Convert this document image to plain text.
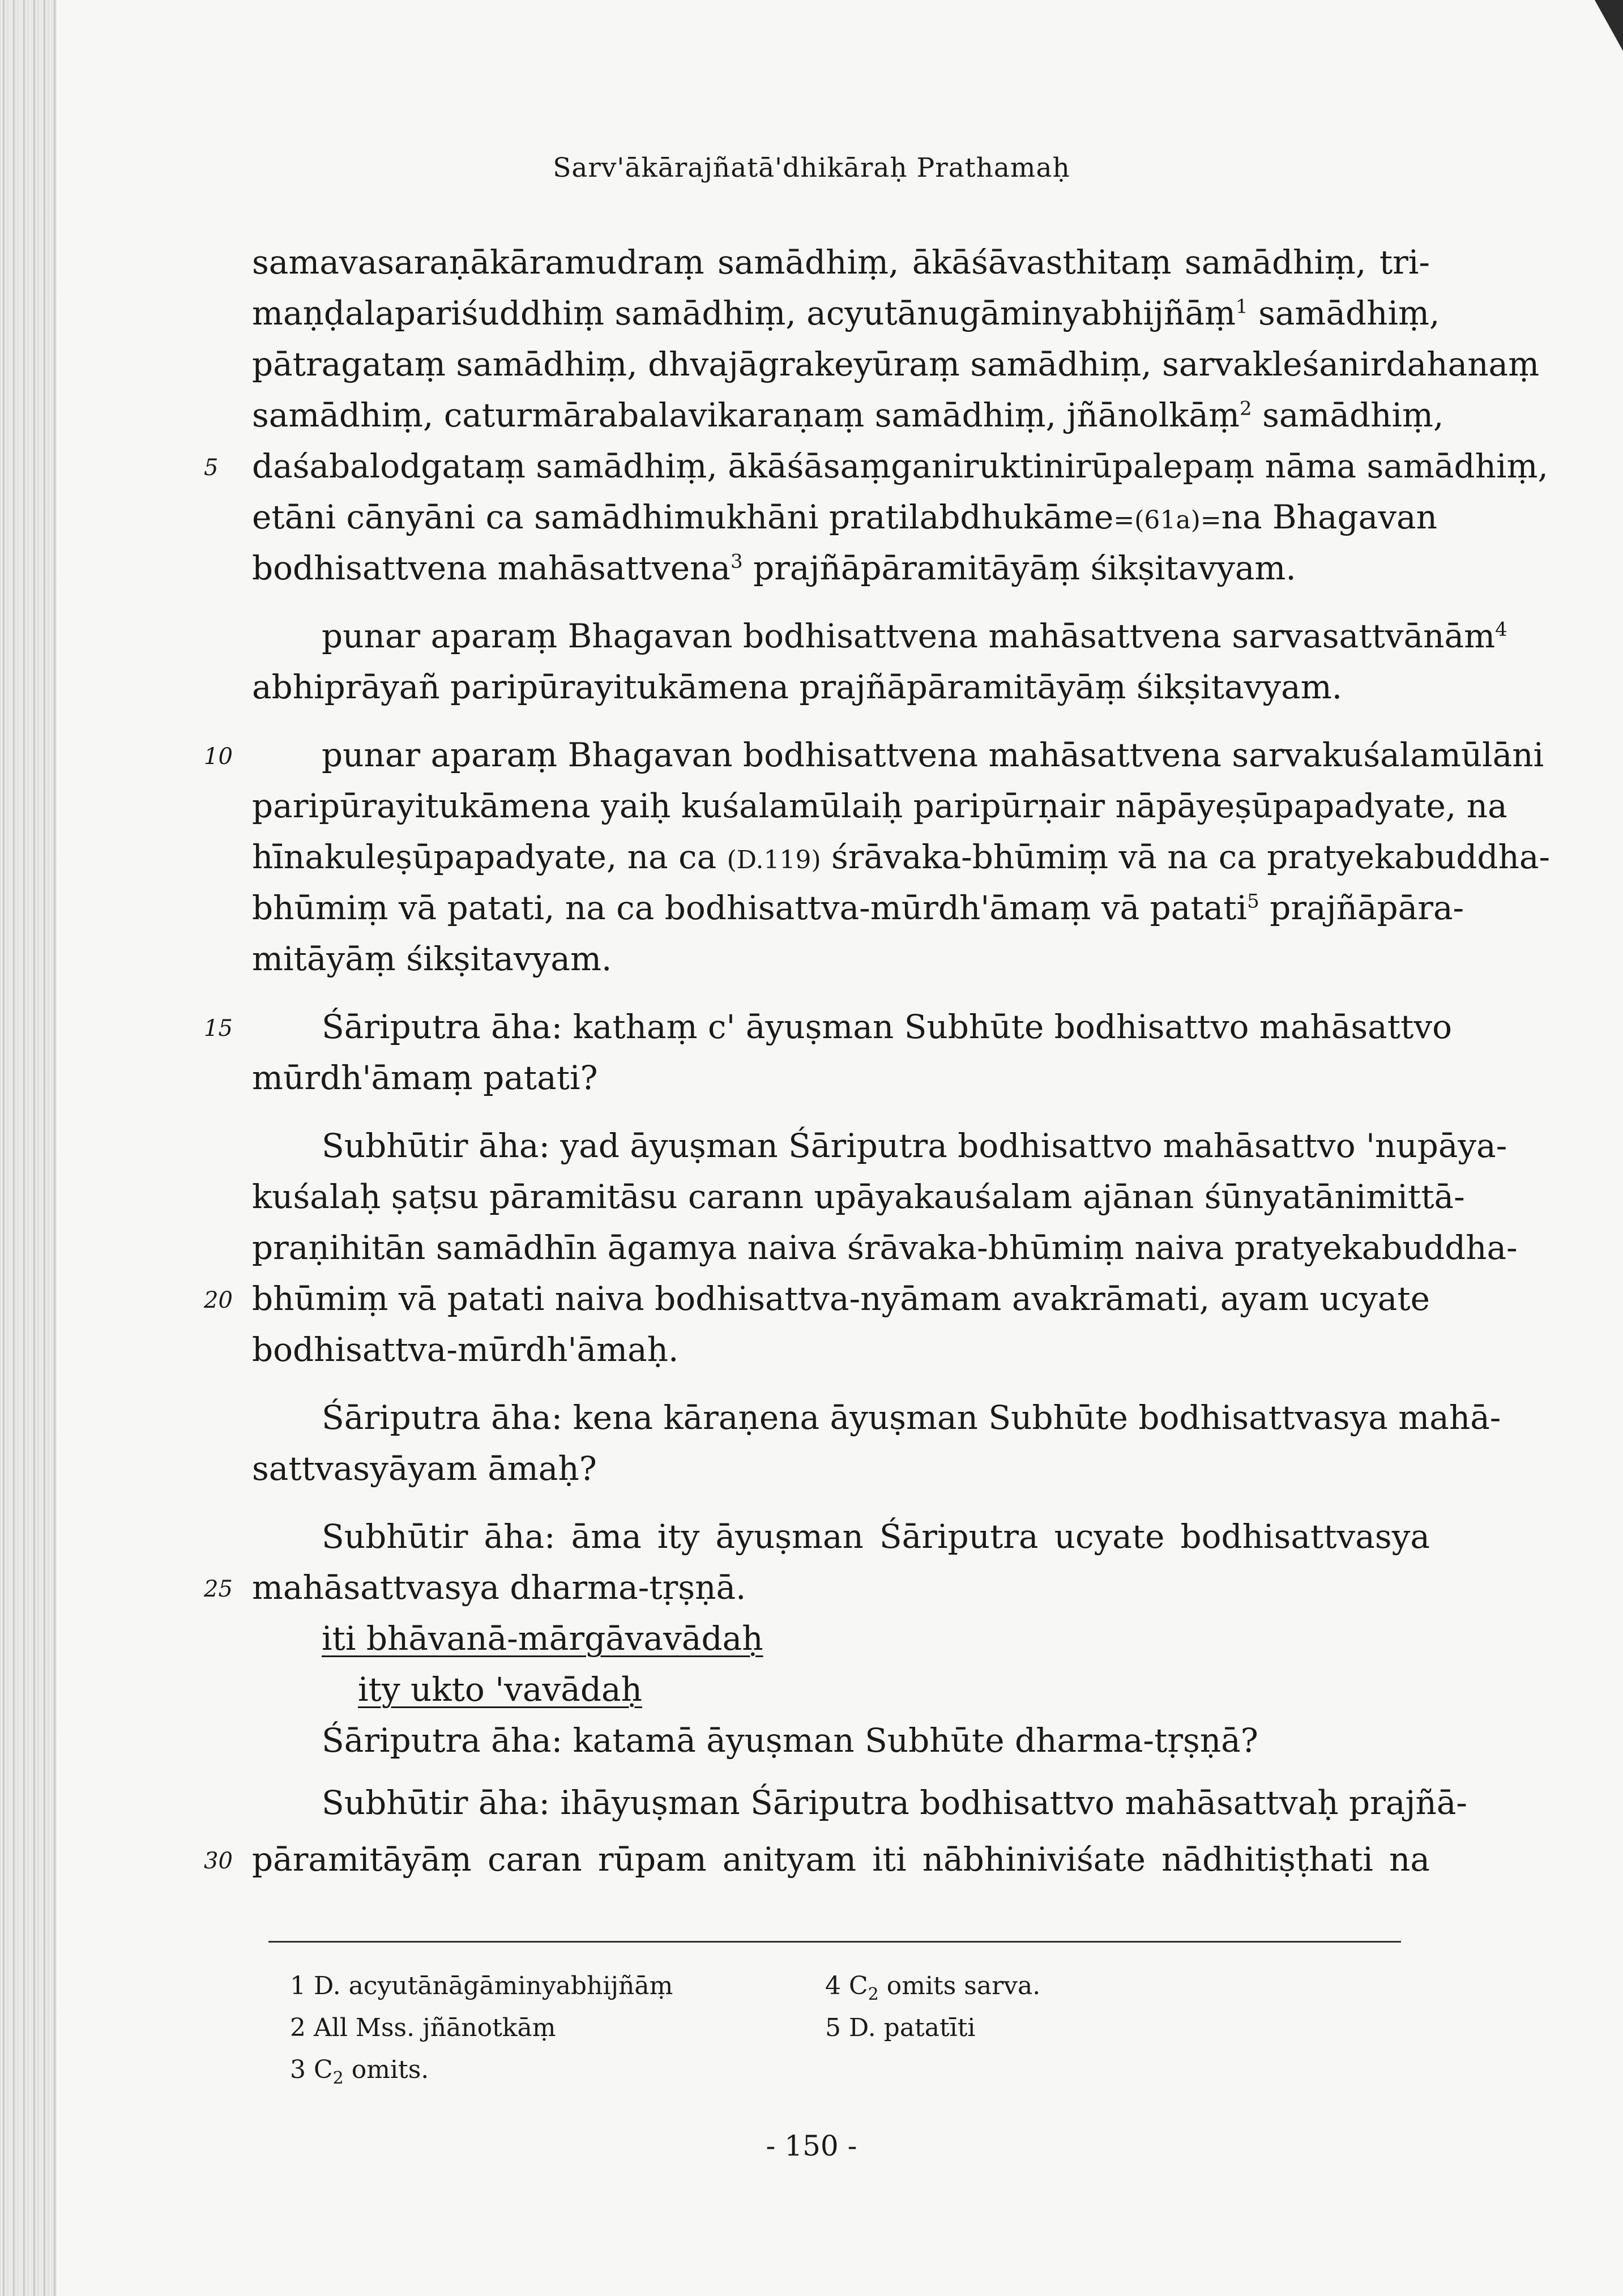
Sarv'ākārajñatā'dhikāraḥ Prathamaḥ
samavasaraṇākāramudraṃ samādhiṃ, ākāśāvasthitaṃ samādhiṃ, tri-
maṇḍalapariśuddhiṃ samādhiṃ, acyutānugāminyabhijñāṃ$^1$ samādhiṃ,
pātragataṃ samādhiṃ, dhvajāgrakeyūraṃ samādhiṃ, sarvakleśanirdahanaṃ
samādhiṃ, caturmārabalavikaraṇaṃ samādhiṃ, jñānolkāṃ$^2$ samādhiṃ,
daśabalodgataṃ samādhiṃ, ākāśāsaṃganiruktinirūpalepaṃ nāma samādhiṃ,
etāni cānyāni ca samādhimukhāni pratilabdhukāme=(61a)=na Bhagavan
bodhisattvena mahāsattvena$^3$ prajñāpāramitāyāṃ śikṣitavyam.
punar aparaṃ Bhagavan bodhisattvena mahāsattvena sarvasattvānām$^4$
abhiprāyañ paripūrayitukāmena prajñāpāramitāyāṃ śikṣitavyam.
punar aparaṃ Bhagavan bodhisattvena mahāsattvena sarvakuśalamūlāni
paripūrayitukāmena yaiḥ kuśalamūlaiḥ paripūrṇair nāpāyeṣūpapadyate, na
hīnakuleṣūpapadyate, na ca (D.119) śrāvaka-bhūmiṃ vā na ca pratyekabuddha-
bhūmiṃ vā patati, na ca bodhisattva-mūrdh'āmaṃ vā patati$^5$ prajñāpāra-
mitāyāṃ śikṣitavyam.
Śāriputra āha: kathaṃ c' āyuṣman Subhūte bodhisattvo mahāsattvo
mūrdh'āmaṃ patati?
Subhūtir āha: yad āyuṣman Śāriputra bodhisattvo mahāsattvo 'nupāya-
kuśalaḥ ṣaṭsu pāramitāsu carann upāyakauśalam ajānan śūnyatānimittā-
praṇihitān samādhīn āgamya naiva śrāvaka-bhūmiṃ naiva pratyekabuddha-
bhūmiṃ vā patati naiva bodhisattva-nyāmam avakrāmati, ayam ucyate
bodhisattva-mūrdh'āmaḥ.
Śāriputra āha: kena kāraṇena āyuṣman Subhūte bodhisattvasya mahā-
sattvasyāyam āmaḥ?
Subhūtir āha: āma ity āyuṣman Śāriputra ucyate bodhisattvasya
mahāsattvasya dharma-tṛṣṇā.
iti bhāvanā-mārgāvavādaḥ
ity ukto 'vavādaḥ
Śāriputra āha: katamā āyuṣman Subhūte dharma-tṛṣṇā?
Subhūtir āha: ihāyuṣman Śāriputra bodhisattvo mahāsattvaḥ prajñā-
pāramitāyāṃ caran rūpam anityam iti nābhiniviśate nādhitiṣṭhati na
5
10
15
20
25
30
1 D. acyutānāgāminyabhijñāṃ
2 All Mss. jñānotkāṃ
3 $C_2$ omits.
4 $C_2$ omits sarva.
5 D. patatīti
- 150 -
